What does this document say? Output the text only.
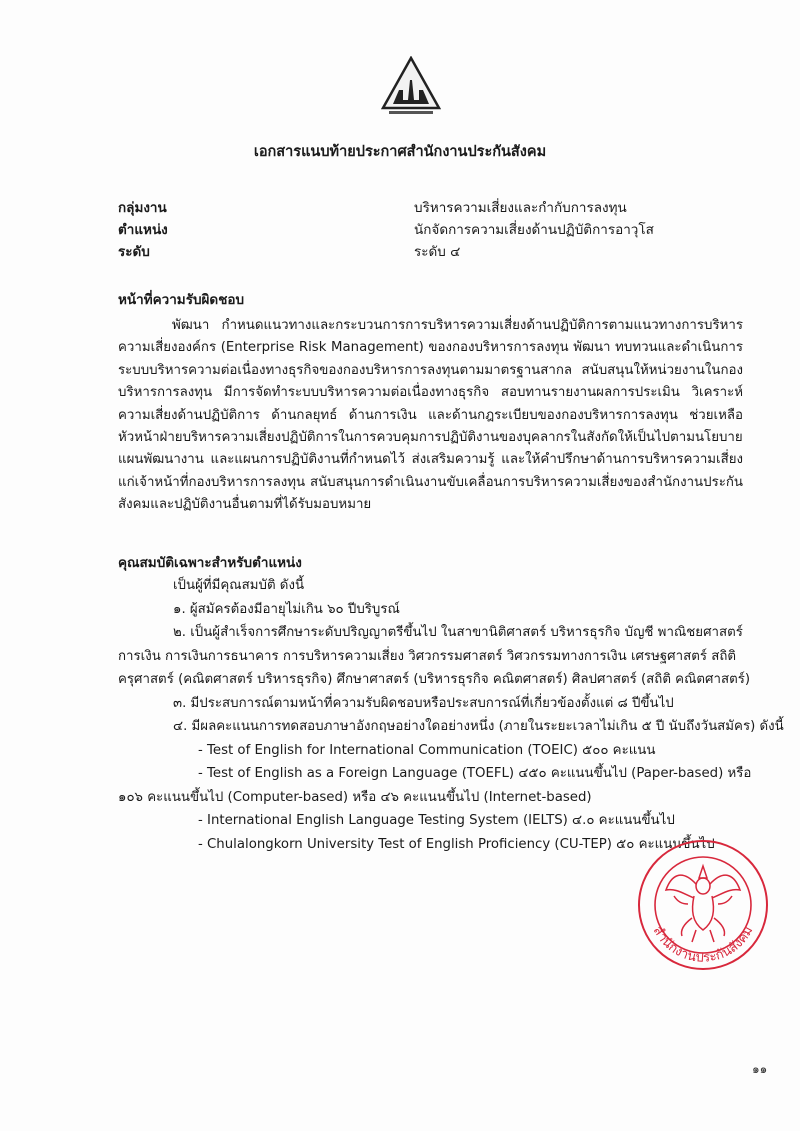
เอกสารแนบท้ายประกาศสำนักงานประกันสังคม
กลุ่มงาน	บริหารความเสี่ยงและกำกับการลงทุน
ตำแหน่ง	นักจัดการความเสี่ยงด้านปฏิบัติการอาวุโส
ระดับ	ระดับ ๔
หน้าที่ความรับผิดชอบ
พัฒนา กำหนดแนวทางและกระบวนการการบริหารความเสี่ยงด้านปฏิบัติการตามแนวทางการบริหารความเสี่ยงองค์กร (Enterprise Risk Management) ของกองบริหารการลงทุน พัฒนา ทบทวนและดำเนินการระบบบริหารความต่อเนื่องทางธุรกิจของกองบริหารการลงทุนตามมาตรฐานสากล สนับสนุนให้หน่วยงานในกองบริหารการลงทุน มีการจัดทำระบบบริหารความต่อเนื่องทางธุรกิจ สอบทานรายงานผลการประเมิน วิเคราะห์ความเสี่ยงด้านปฏิบัติการ ด้านกลยุทธ์ ด้านการเงิน และด้านกฎระเบียบของกองบริหารการลงทุน ช่วยเหลือหัวหน้าฝ่ายบริหารความเสี่ยงปฏิบัติการในการควบคุมการปฏิบัติงานของบุคลากรในสังกัดให้เป็นไปตามนโยบายแผนพัฒนางาน และแผนการปฏิบัติงานที่กำหนดไว้ ส่งเสริมความรู้ และให้คำปรึกษาด้านการบริหารความเสี่ยงแก่เจ้าหน้าที่กองบริหารการลงทุน สนับสนุนการดำเนินงานขับเคลื่อนการบริหารความเสี่ยงของสำนักงานประกันสังคมและปฏิบัติงานอื่นตามที่ได้รับมอบหมาย
คุณสมบัติเฉพาะสำหรับตำแหน่ง
เป็นผู้ที่มีคุณสมบัติ ดังนี้
๑. ผู้สมัครต้องมีอายุไม่เกิน ๖๐ ปีบริบูรณ์
๒. เป็นผู้สำเร็จการศึกษาระดับปริญญาตรีขึ้นไป ในสาขานิติศาสตร์ บริหารธุรกิจ บัญชี พาณิชยศาสตร์
การเงิน การเงินการธนาคาร การบริหารความเสี่ยง วิศวกรรมศาสตร์ วิศวกรรมทางการเงิน เศรษฐศาสตร์ สถิติ
ครุศาสตร์ (คณิตศาสตร์ บริหารธุรกิจ) ศึกษาศาสตร์ (บริหารธุรกิจ คณิตศาสตร์) ศิลปศาสตร์ (สถิติ คณิตศาสตร์)
๓. มีประสบการณ์ตามหน้าที่ความรับผิดชอบหรือประสบการณ์ที่เกี่ยวข้องตั้งแต่ ๘ ปีขึ้นไป
๔. มีผลคะแนนการทดสอบภาษาอังกฤษอย่างใดอย่างหนึ่ง (ภายในระยะเวลาไม่เกิน ๕ ปี นับถึงวันสมัคร) ดังนี้
- Test of English for International Communication (TOEIC) ๕๐๐ คะแนน
- Test of English as a Foreign Language (TOEFL) ๔๕๐ คะแนนขึ้นไป (Paper-based) หรือ
๑๐๖ คะแนนขึ้นไป (Computer-based) หรือ ๔๖ คะแนนขึ้นไป (Internet-based)
- International English Language Testing System (IELTS) ๔.๐ คะแนนขึ้นไป
- Chulalongkorn University Test of English Proficiency (CU-TEP) ๕๐ คะแนนขึ้นไป
สำนักงานประกันสังคม
๑๑
